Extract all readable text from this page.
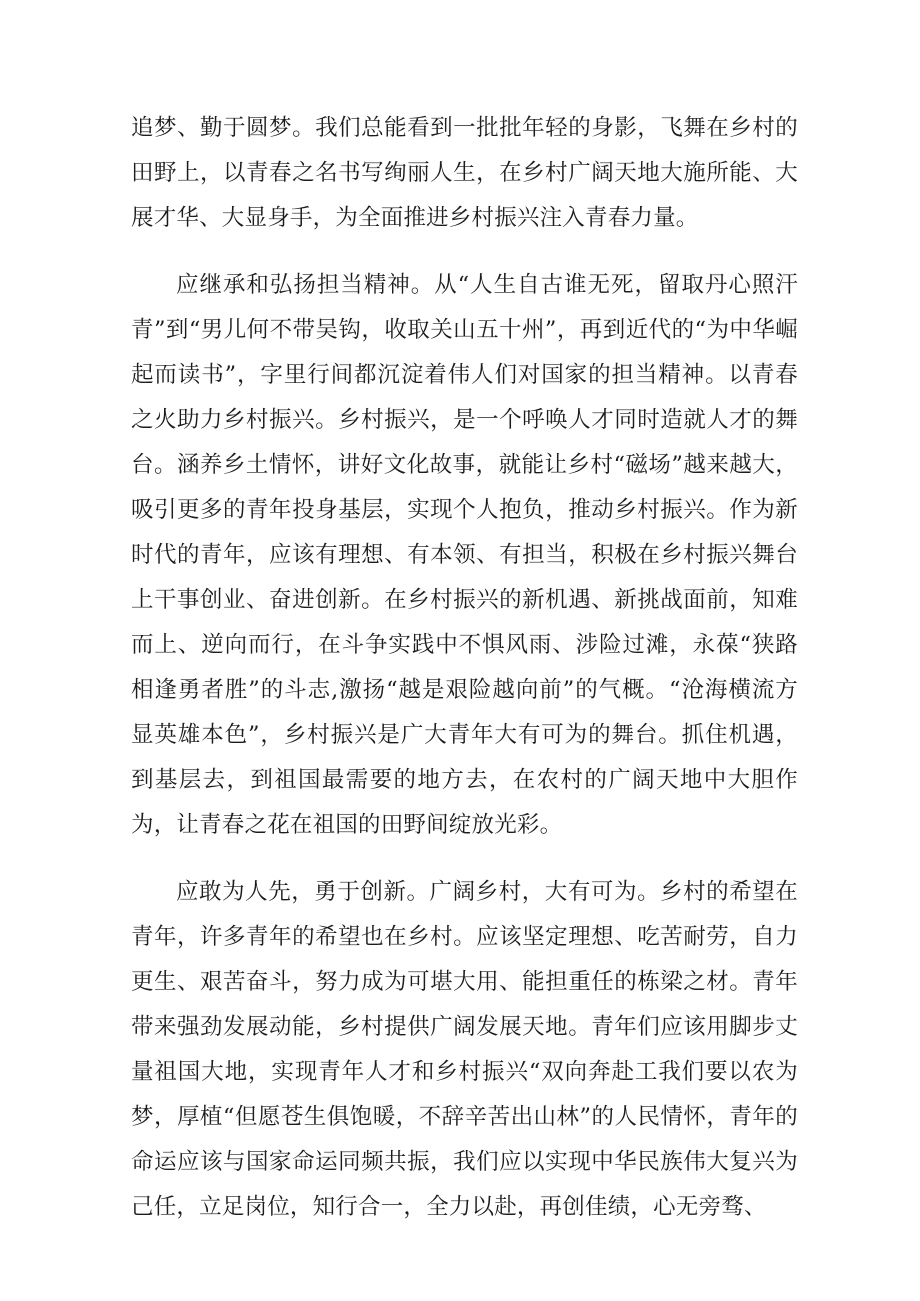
追梦、勤于圆梦。我们总能看到一批批年轻的身影，飞舞在乡村的田野上，以青春之名书写绚丽人生，在乡村广阔天地大施所能、大展才华、大显身手，为全面推进乡村振兴注入青春力量。

应继承和弘扬担当精神。从“人生自古谁无死，留取丹心照汗青”到“男儿何不带吴钩，收取关山五十州”，再到近代的“为中华崛起而读书”，字里行间都沉淀着伟人们对国家的担当精神。以青春之火助力乡村振兴。乡村振兴，是一个呼唤人才同时造就人才的舞台。涵养乡土情怀，讲好文化故事，就能让乡村“磁场”越来越大，吸引更多的青年投身基层，实现个人抱负，推动乡村振兴。作为新时代的青年，应该有理想、有本领、有担当，积极在乡村振兴舞台上干事创业、奋进创新。在乡村振兴的新机遇、新挑战面前，知难而上、逆向而行，在斗争实践中不惧风雨、涉险过滩，永葆“狭路相逢勇者胜”的斗志,激扬“越是艰险越向前”的气概。“沧海横流方显英雄本色”，乡村振兴是广大青年大有可为的舞台。抓住机遇，到基层去，到祖国最需要的地方去，在农村的广阔天地中大胆作为，让青春之花在祖国的田野间绽放光彩。

应敢为人先，勇于创新。广阔乡村，大有可为。乡村的希望在青年，许多青年的希望也在乡村。应该坚定理想、吃苦耐劳，自力更生、艰苦奋斗，努力成为可堪大用、能担重任的栋梁之材。青年带来强劲发展动能，乡村提供广阔发展天地。青年们应该用脚步丈量祖国大地，实现青年人才和乡村振兴“双向奔赴工我们要以农为梦，厚植“但愿苍生俱饱暖，不辞辛苦出山林”的人民情怀，青年的命运应该与国家命运同频共振，我们应以实现中华民族伟大复兴为己任，立足岗位，知行合一，全力以赴，再创佳绩，心无旁骛、
